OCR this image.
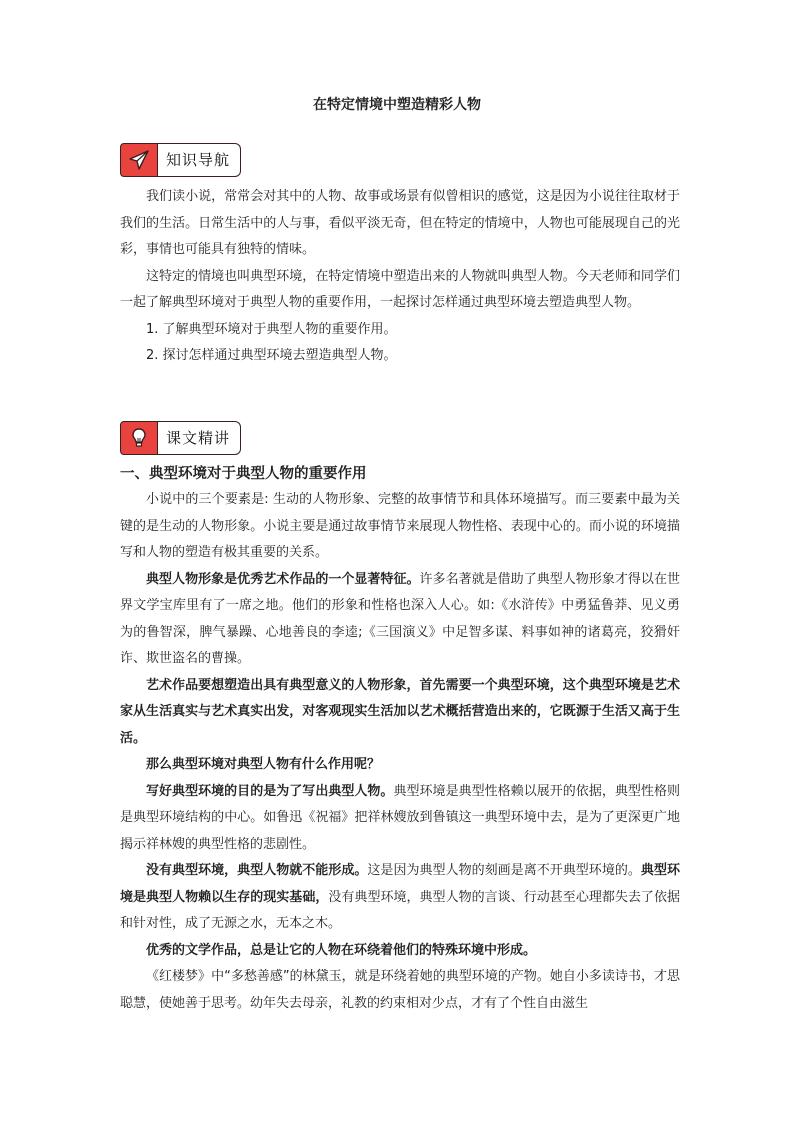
在特定情境中塑造精彩人物
知识导航

我们读小说，常常会对其中的人物、故事或场景有似曾相识的感觉，这是因为小说往往取材于我们的生活。日常生活中的人与事，看似平淡无奇，但在特定的情境中，人物也可能展现自己的光彩，事情也可能具有独特的情味。

这特定的情境也叫典型环境，在特定情境中塑造出来的人物就叫典型人物。今天老师和同学们一起了解典型环境对于典型人物的重要作用，一起探讨怎样通过典型环境去塑造典型人物。

1. 了解典型环境对于典型人物的重要作用。

2. 探讨怎样通过典型环境去塑造典型人物。

课文精讲

一、典型环境对于典型人物的重要作用

小说中的三个要素是: 生动的人物形象、完整的故事情节和具体环境描写。而三要素中最为关键的是生动的人物形象。小说主要是通过故事情节来展现人物性格、表现中心的。而小说的环境描写和人物的塑造有极其重要的关系。

典型人物形象是优秀艺术作品的一个显著特征。许多名著就是借助了典型人物形象才得以在世界文学宝库里有了一席之地。他们的形象和性格也深入人心。如:《水浒传》中勇猛鲁莽、见义勇为的鲁智深，脾气暴躁、心地善良的李逵;《三国演义》中足智多谋、料事如神的诸葛亮，狡猾奸诈、欺世盗名的曹操。

艺术作品要想塑造出具有典型意义的人物形象，首先需要一个典型环境，这个典型环境是艺术家从生活真实与艺术真实出发，对客观现实生活加以艺术概括营造出来的，它既源于生活又高于生活。

那么典型环境对典型人物有什么作用呢？

写好典型环境的目的是为了写出典型人物。典型环境是典型性格赖以展开的依据，典型性格则是典型环境结构的中心。如鲁迅《祝福》把祥林嫂放到鲁镇这一典型环境中去，是为了更深更广地揭示祥林嫂的典型性格的悲剧性。

没有典型环境，典型人物就不能形成。这是因为典型人物的刻画是离不开典型环境的。典型环境是典型人物赖以生存的现实基础，没有典型环境，典型人物的言谈、行动甚至心理都失去了依据和针对性，成了无源之水，无本之木。

优秀的文学作品，总是让它的人物在环绕着他们的特殊环境中形成。

《红楼梦》中“多愁善感”的林黛玉，就是环绕着她的典型环境的产物。她自小多读诗书，才思聪慧，使她善于思考。幼年失去母亲，礼教的约束相对少点，才有了个性自由滋生
